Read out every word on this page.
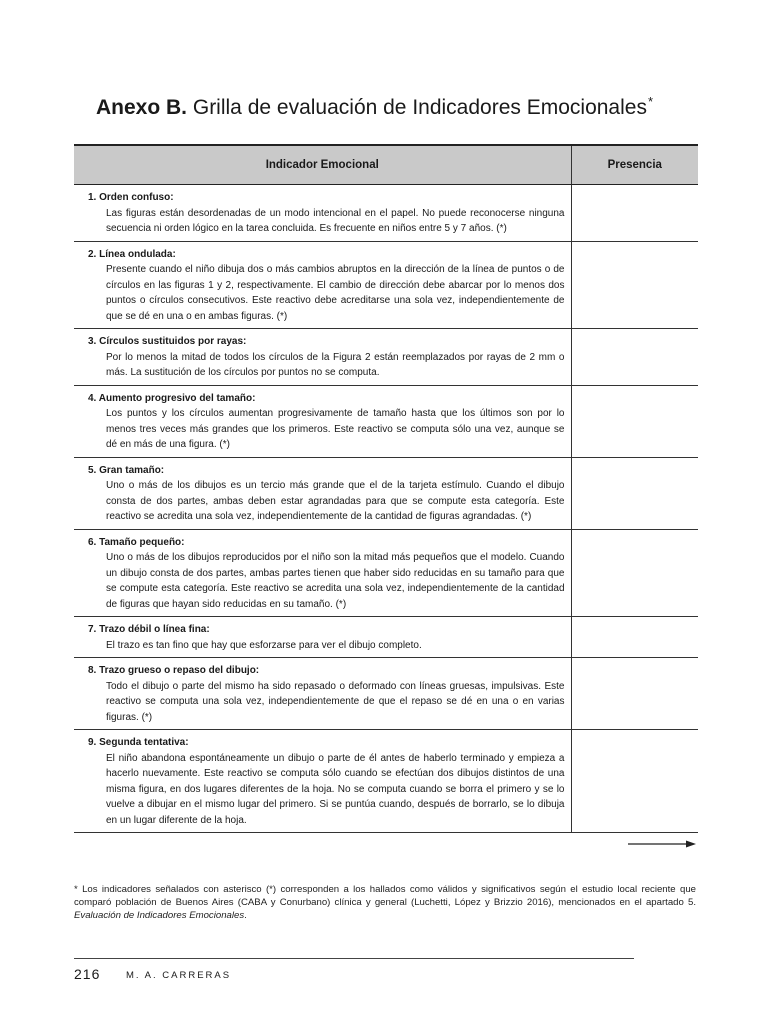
Anexo B. Grilla de evaluación de Indicadores Emocionales*
Indicador Emocional	Presencia

1. Orden confuso:
Las figuras están desordenadas de un modo intencional en el papel. No puede reconocerse ninguna secuencia ni orden lógico en la tarea concluida. Es frecuente en niños entre 5 y 7 años. (*)	

2. Línea ondulada:
Presente cuando el niño dibuja dos o más cambios abruptos en la dirección de la línea de puntos o de círculos en las figuras 1 y 2, respectivamente. El cambio de dirección debe abarcar por lo menos dos puntos o círculos consecutivos. Este reactivo debe acreditarse una sola vez, independientemente de que se dé en una o en ambas figuras. (*)	

3. Círculos sustituidos por rayas:
Por lo menos la mitad de todos los círculos de la Figura 2 están reemplazados por rayas de 2 mm o más. La sustitución de los círculos por puntos no se computa.	

4. Aumento progresivo del tamaño:
Los puntos y los círculos aumentan progresivamente de tamaño hasta que los últimos son por lo menos tres veces más grandes que los primeros. Este reactivo se computa sólo una vez, aunque se dé en más de una figura. (*)	

5. Gran tamaño:
Uno o más de los dibujos es un tercio más grande que el de la tarjeta estímulo. Cuando el dibujo consta de dos partes, ambas deben estar agrandadas para que se compute esta categoría. Este reactivo se acredita una sola vez, independientemente de la cantidad de figuras agrandadas. (*)	

6. Tamaño pequeño:
Uno o más de los dibujos reproducidos por el niño son la mitad más pequeños que el modelo. Cuando un dibujo consta de dos partes, ambas partes tienen que haber sido reducidas en su tamaño para que se compute esta categoría. Este reactivo se acredita una sola vez, independientemente de la cantidad de figuras que hayan sido reducidas en su tamaño. (*)	

7. Trazo débil o línea fina:
El trazo es tan fino que hay que esforzarse para ver el dibujo completo.	

8. Trazo grueso o repaso del dibujo:
Todo el dibujo o parte del mismo ha sido repasado o deformado con líneas gruesas, impulsivas. Este reactivo se computa una sola vez, independientemente de que el repaso se dé en una o en varias figuras. (*)	

9. Segunda tentativa:
El niño abandona espontáneamente un dibujo o parte de él antes de haberlo terminado y empieza a hacerlo nuevamente. Este reactivo se computa sólo cuando se efectúan dos dibujos distintos de una misma figura, en dos lugares diferentes de la hoja. No se computa cuando se borra el primero y se lo vuelve a dibujar en el mismo lugar del primero. Si se puntúa cuando, después de borrarlo, se lo dibuja en un lugar diferente de la hoja.	

* Los indicadores señalados con asterisco (*) corresponden a los hallados como válidos y significativos según el estudio local reciente que comparó población de Buenos Aires (CABA y Conurbano) clínica y general (Luchetti, López y Brizzio 2016), mencionados en el apartado 5. Evaluación de Indicadores Emocionales.
216	M. A. CARRERAS
